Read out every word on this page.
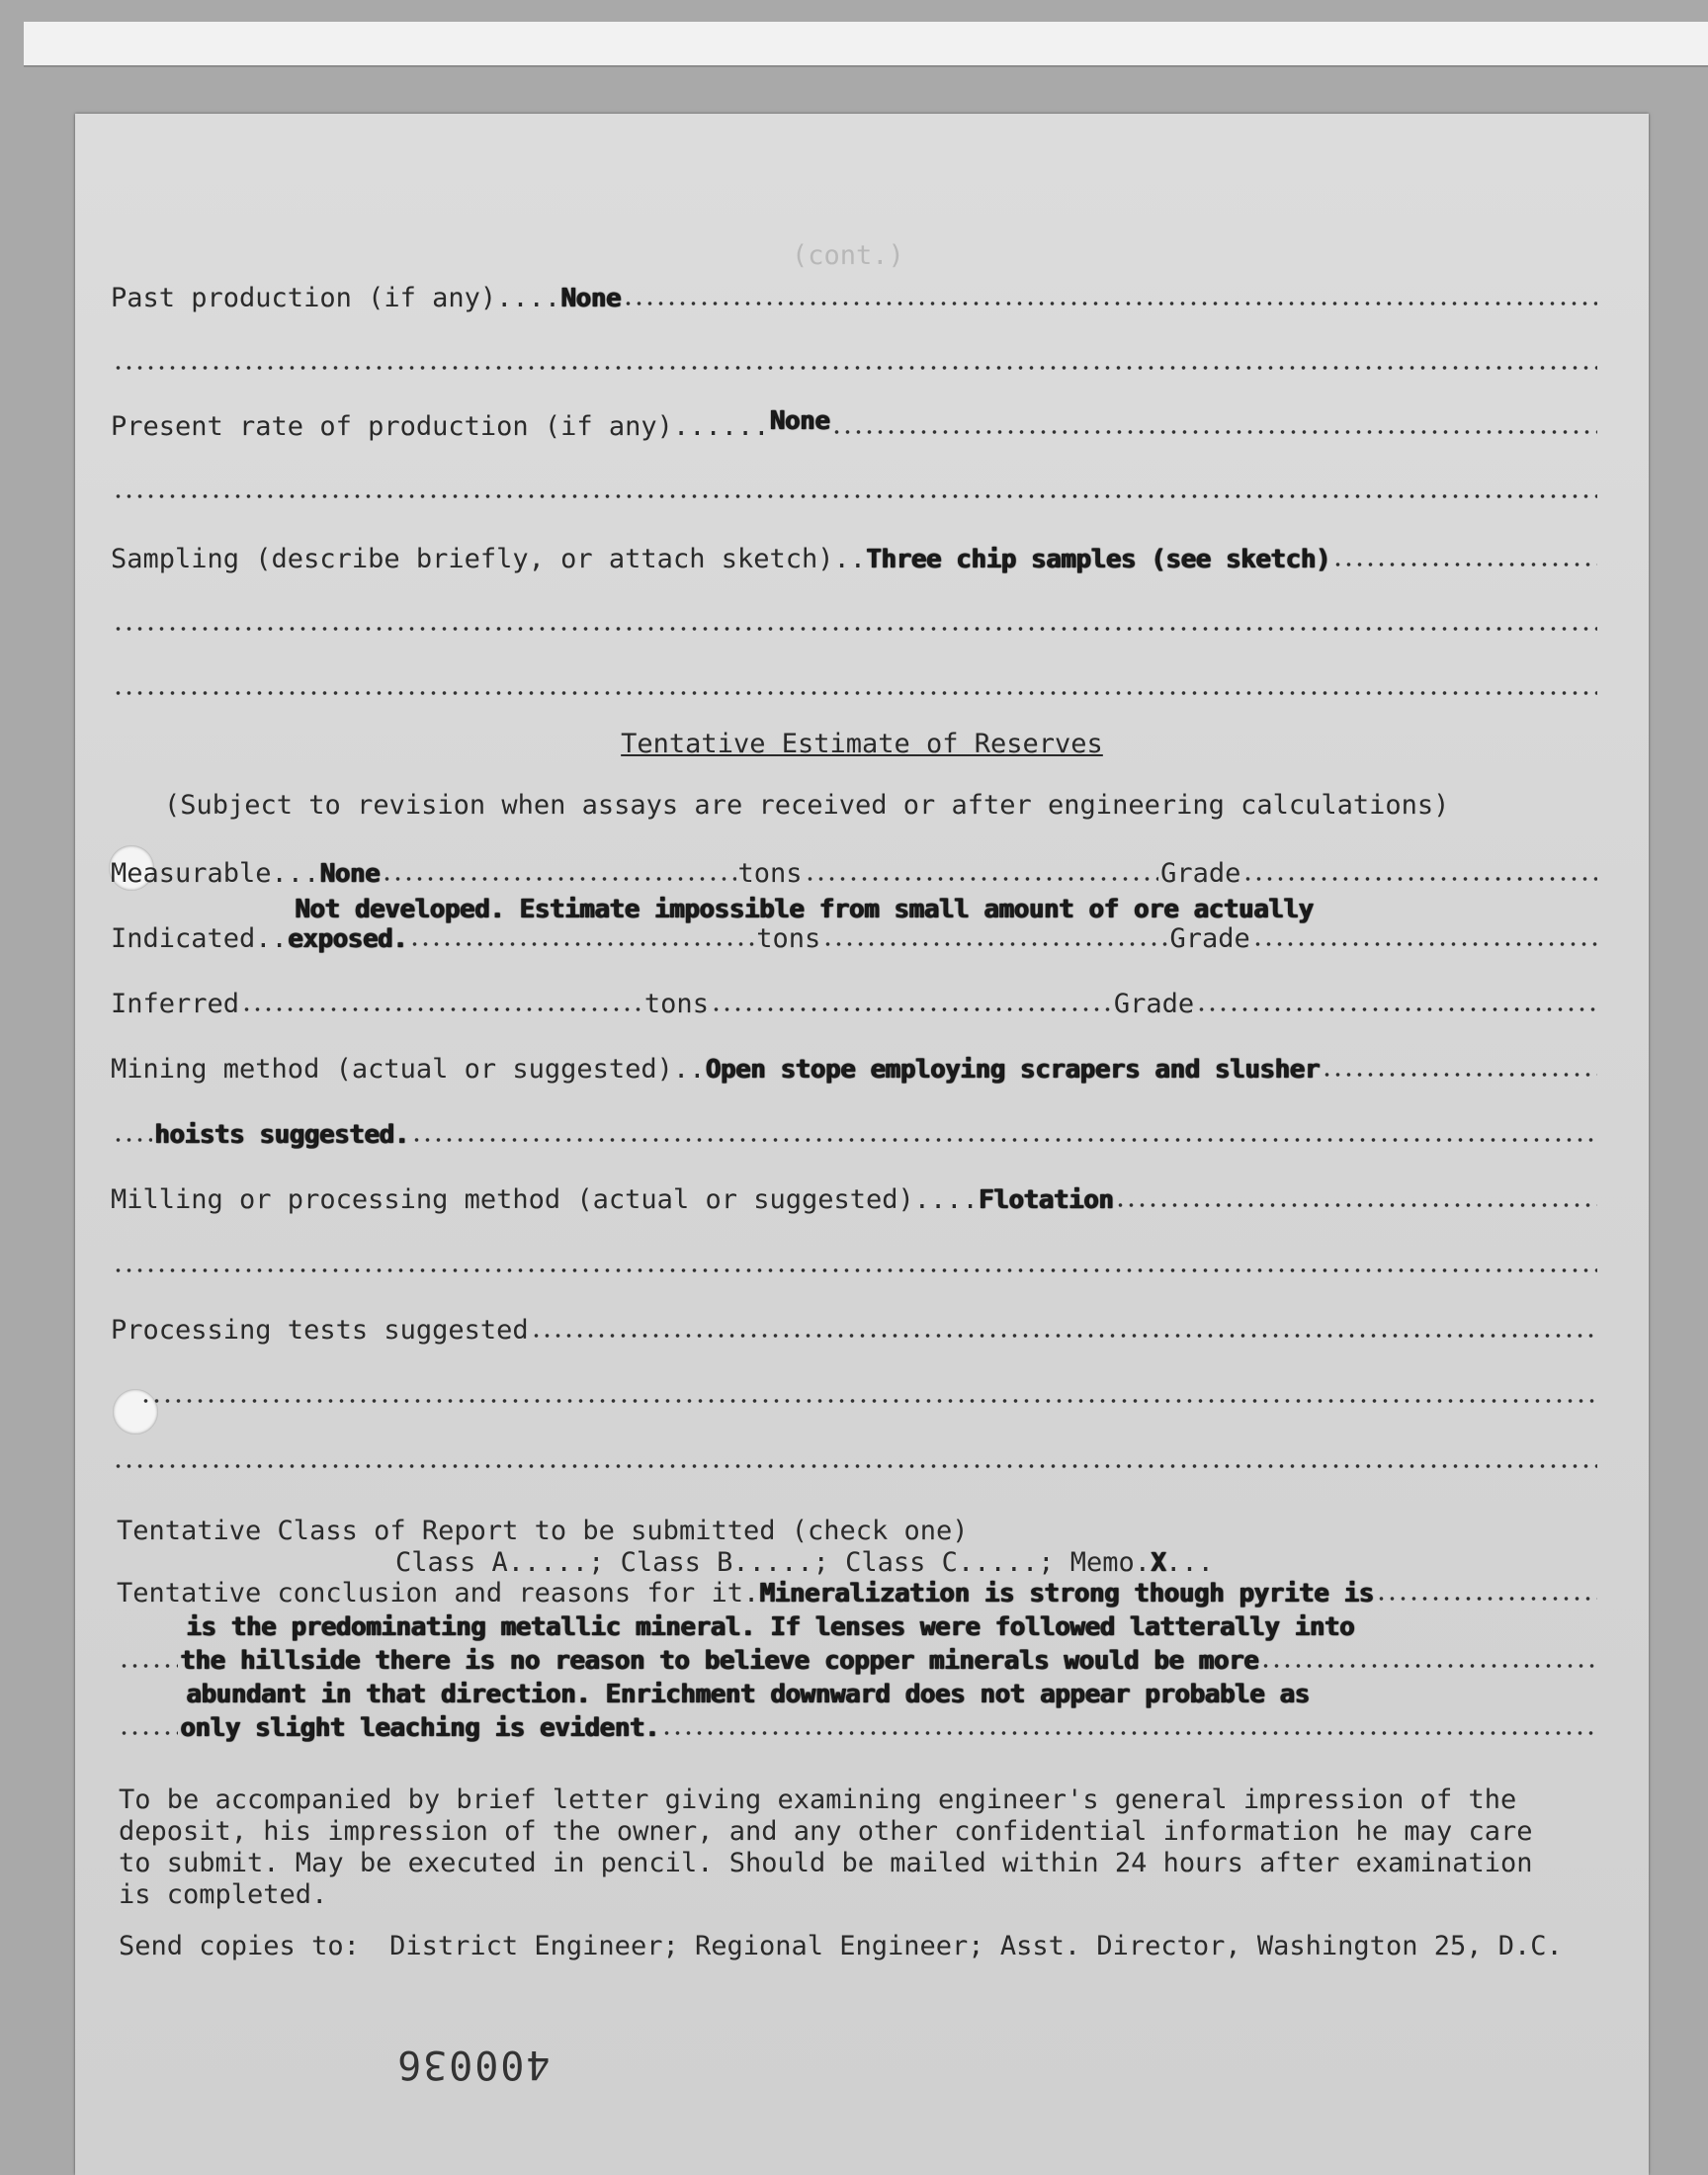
(cont.)
Past production (if any).... None
Present rate of production (if any)...... None
Sampling (describe briefly, or attach sketch).. Three chip samples (see sketch)
Tentative Estimate of Reserves
(Subject to revision when assays are received or after engineering calculations)
Measurable... None	tons	Grade
Not developed. Estimate impossible from small amount of ore actually
Indicated.. exposed.	tons	Grade
Inferred	tons	Grade
Mining method (actual or suggested).. Open stope employing scrapers and slusher
hoists suggested.
Milling or processing method (actual or suggested).... Flotation
Processing tests suggested
Tentative Class of Report to be submitted (check one)
Class A.....; Class B.....; Class C.....; Memo.X...
Tentative conclusion and reasons for it. Mineralization is strong though pyrite is
is the predominating metallic mineral. If lenses were followed latterally into
the hillside there is no reason to believe copper minerals would be more
abundant in that direction. Enrichment downward does not appear probable as
only slight leaching is evident.
To be accompanied by brief letter giving examining engineer's general impression of the
deposit, his impression of the owner, and any other confidential information he may care
to submit. May be executed in pencil. Should be mailed within 24 hours after examination
is completed.
Send copies to: District Engineer; Regional Engineer; Asst. Director, Washington 25, D.C.
400036
